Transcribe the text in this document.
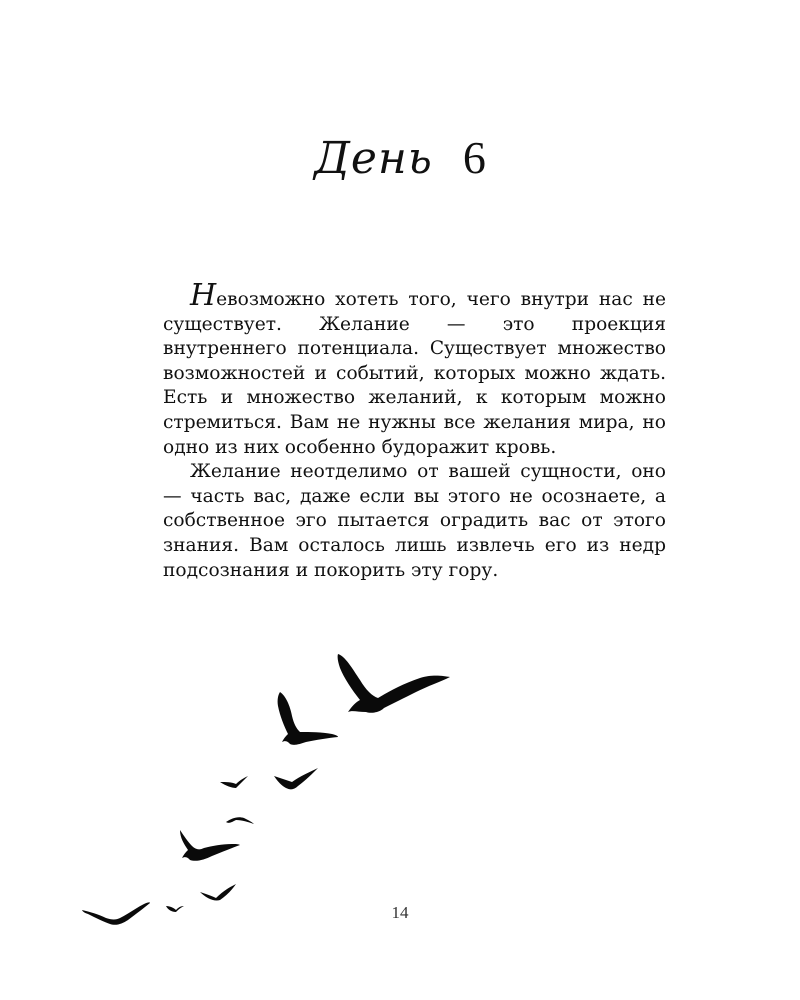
День 6

Невозможно хотеть того, чего внутри нас не существует. Желание — это проекция внутреннего потенциала. Существует множество возможностей и событий, которых можно ждать. Есть и множество желаний, к которым можно стремиться. Вам не нужны все желания мира, но одно из них особенно будоражит кровь.

Желание неотделимо от вашей сущности, оно — часть вас, даже если вы этого не осознаете, а собственное эго пытается оградить вас от этого знания. Вам осталось лишь извлечь его из недр подсознания и покорить эту гору.

14
